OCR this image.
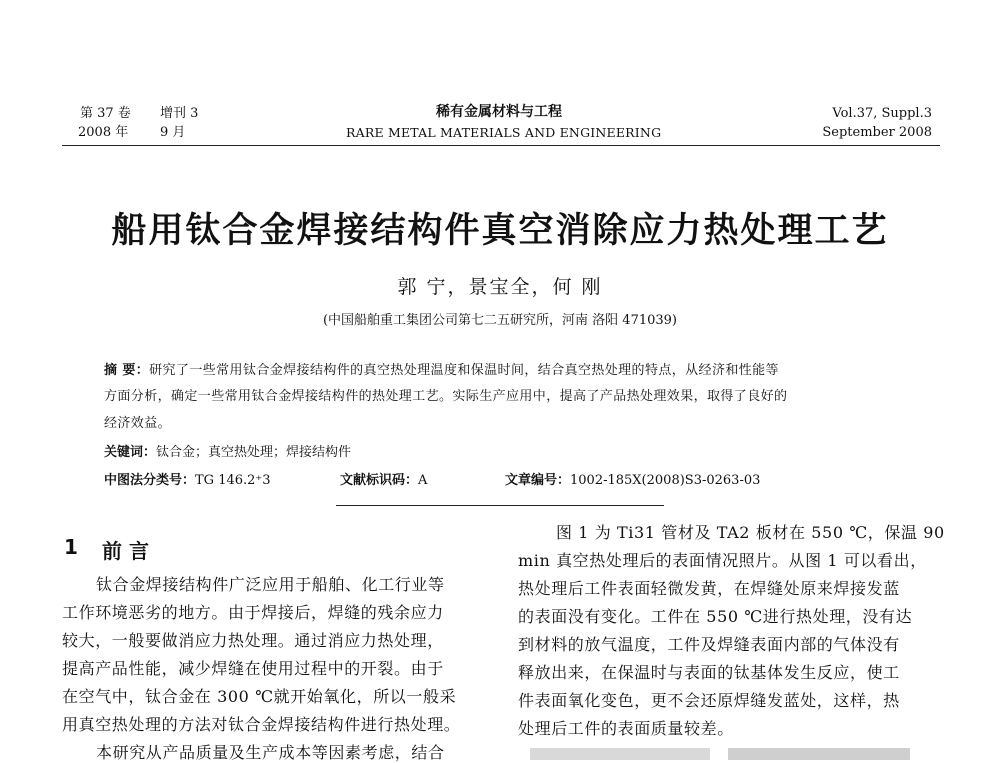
第 37 卷 增刊 3
2008 年 9 月
稀有金属材料与工程
RARE METAL MATERIALS AND ENGINEERING
Vol.37, Suppl.3
September 2008
船用钛合金焊接结构件真空消除应力热处理工艺
郭 宁，景宝全，何 刚
(中国船舶重工集团公司第七二五研究所，河南 洛阳 471039)
摘 要：研究了一些常用钛合金焊接结构件的真空热处理温度和保温时间，结合真空热处理的特点，从经济和性能等
方面分析，确定一些常用钛合金焊接结构件的热处理工艺。实际生产应用中，提高了产品热处理效果，取得了良好的
经济效益。
关键词：钛合金；真空热处理；焊接结构件
中图法分类号：TG 146.2⁺3	文献标识码：A	文章编号：1002-185X(2008)S3-0263-03
1 前 言
钛合金焊接结构件广泛应用于船舶、化工行业等
工作环境恶劣的地方。由于焊接后，焊缝的残余应力
较大，一般要做消应力热处理。通过消应力热处理，
提高产品性能，减少焊缝在使用过程中的开裂。由于
在空气中，钛合金在 300 ℃就开始氧化，所以一般采
用真空热处理的方法对钛合金焊接结构件进行热处理。
本研究从产品质量及生产成本等因素考虑，结合
图 1 为 Ti31 管材及 TA2 板材在 550 ℃，保温 90
min 真空热处理后的表面情况照片。从图 1 可以看出，
热处理后工件表面轻微发黄，在焊缝处原来焊接发蓝
的表面没有变化。工件在 550 ℃进行热处理，没有达
到材料的放气温度，工件及焊缝表面内部的气体没有
释放出来，在保温时与表面的钛基体发生反应，使工
件表面氧化变色，更不会还原焊缝发蓝处，这样，热
处理后工件的表面质量较差。
